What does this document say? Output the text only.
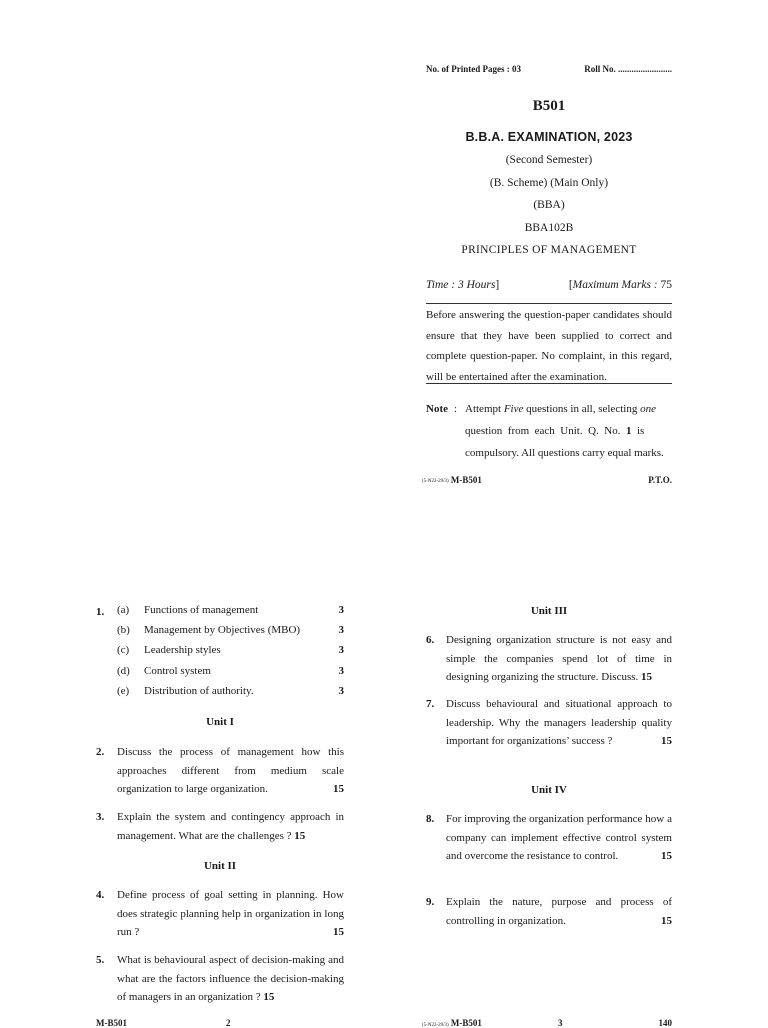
No. of Printed Pages : 03	Roll No. ........................
B501
B.B.A. EXAMINATION, 2023
(Second Semester)
(B. Scheme) (Main Only)
(BBA)
BBA102B
PRINCIPLES OF MANAGEMENT
Time : 3 Hours]	[Maximum Marks : 75
Before answering the question-paper candidates should ensure that they have been supplied to correct and complete question-paper. No complaint, in this regard, will be entertained after the examination.
Note : Attempt Five questions in all, selecting one
question  from  each  Unit.  Q.  No.  1  is
compulsory. All questions carry equal marks.
(5-N22-29/3) M-B501	P.T.O.
1. (a) Functions of management	3
(b) Management by Objectives (MBO)	3
(c) Leadership styles	3
(d) Control system	3
(e) Distribution of authority.	3
Unit I
2. Discuss the process of management how this approaches different from medium scale organization to large organization.	15
3. Explain the system and contingency approach in management. What are the challenges ? 15
Unit II
4. Define process of goal setting in planning. How does strategic planning help in organization in long run ?	15
5. What is behavioural aspect of decision-making and what are the factors influence the decision-making of managers in an organization ? 15
M-B501	2
Unit III
6. Designing organization structure is not easy and simple the companies spend lot of time in designing organizing the structure. Discuss. 15
7. Discuss behavioural and situational approach to leadership. Why the managers leadership quality important for organizations’ success ?	15
Unit IV
8. For improving the organization performance how a company can implement effective control system and overcome the resistance to control.	15
9. Explain the nature, purpose and process of controlling in organization.	15
(5-N22-29/3) M-B501	3	140
